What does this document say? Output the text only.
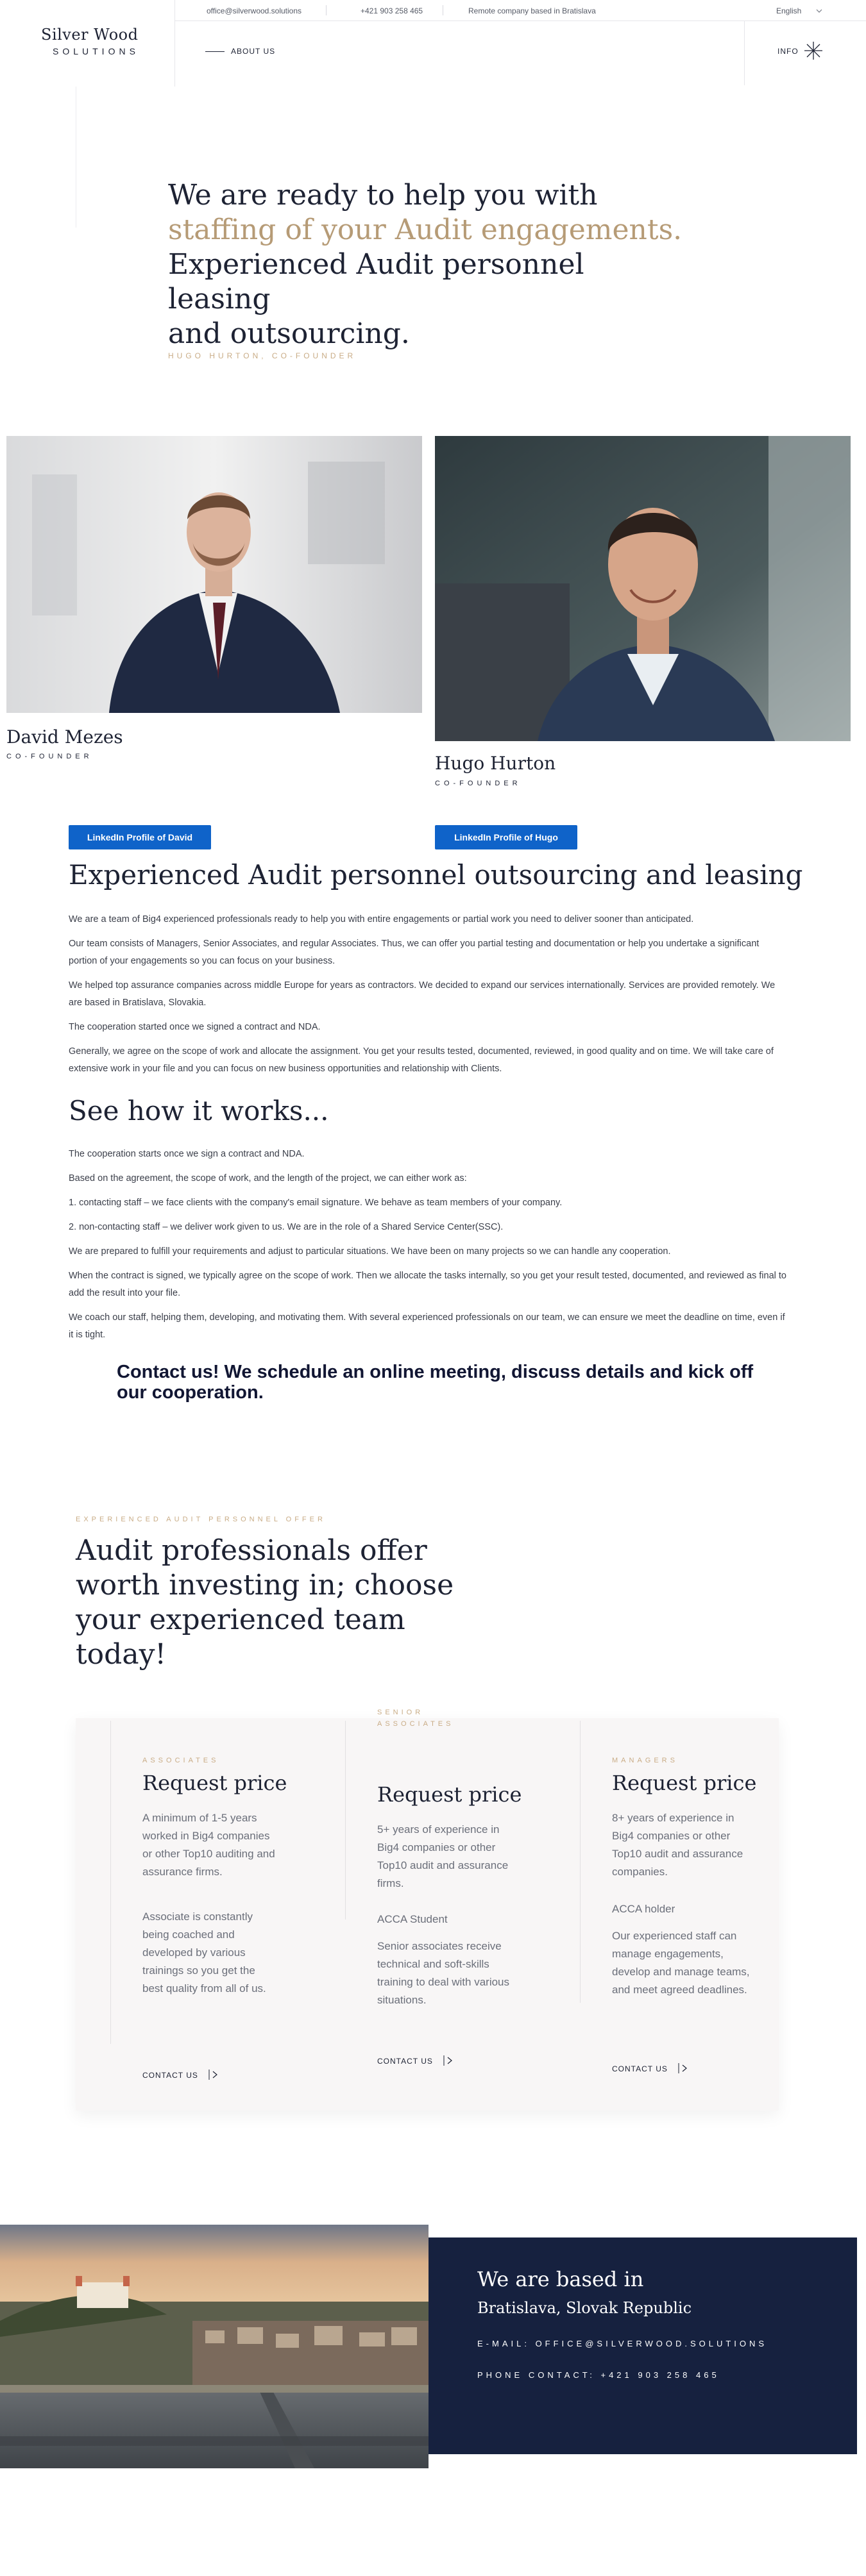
office@silverwood.solutions	+421 903 258 465	Remote company based in Bratislava	English
Silver Wood
SOLUTIONS	ABOUT US	INFO
We are ready to help you with
staffing of your Audit engagements.
Experienced Audit personnel leasing
and outsourcing.
HUGO HURTON, CO-FOUNDER
David Mezes
CO-FOUNDER	Hugo Hurton
CO-FOUNDER
LinkedIn Profile of David	LinkedIn Profile of Hugo
Experienced Audit personnel outsourcing and leasing
We are a team of Big4 experienced professionals ready to help you with entire engagements or partial work you need to deliver sooner than anticipated.
Our team consists of Managers, Senior Associates, and regular Associates. Thus, we can offer you partial testing and documentation or help you undertake a significant portion of your engagements so you can focus on your business.
We helped top assurance companies across middle Europe for years as contractors. We decided to expand our services internationally. Services are provided remotely. We are based in Bratislava, Slovakia.
The cooperation started once we signed a contract and NDA.
Generally, we agree on the scope of work and allocate the assignment. You get your results tested, documented, reviewed, in good quality and on time. We will take care of extensive work in your file and you can focus on new business opportunities and relationship with Clients.
See how it works...
The cooperation starts once we sign a contract and NDA.
Based on the agreement, the scope of work, and the length of the project, we can either work as:
1. contacting staff – we face clients with the company's email signature. We behave as team members of your company.
2. non-contacting staff – we deliver work given to us. We are in the role of a Shared Service Center(SSC).
We are prepared to fulfill your requirements and adjust to particular situations. We have been on many projects so we can handle any cooperation.
When the contract is signed, we typically agree on the scope of work. Then we allocate the tasks internally, so you get your result tested, documented, and reviewed as final to add the result into your file.
We coach our staff, helping them, developing, and motivating them. With several experienced professionals on our team, we can ensure we meet the deadline on time, even if it is tight.
Contact us! We schedule an online meeting, discuss details and kick off our cooperation.
EXPERIENCED AUDIT PERSONNEL OFFER
Audit professionals offer worth investing in; choose your experienced team today!
ASSOCIATES
Request price
A minimum of 1-5 years worked in Big4 companies or other Top10 auditing and assurance firms.
Associate is constantly being coached and developed by various trainings so you get the best quality from all of us.
CONTACT US
SENIOR ASSOCIATES
Request price
5+ years of experience in Big4 companies or other Top10 audit and assurance firms.
ACCA Student
Senior associates receive technical and soft-skills training to deal with various situations.
CONTACT US
MANAGERS
Request price
8+ years of experience in Big4 companies or other Top10 audit and assurance companies.
ACCA holder
Our experienced staff can manage engagements, develop and manage teams, and meet agreed deadlines.
CONTACT US
We are based in
Bratislava, Slovak Republic
E-MAIL: OFFICE@SILVERWOOD.SOLUTIONS
PHONE CONTACT: +421 903 258 465
